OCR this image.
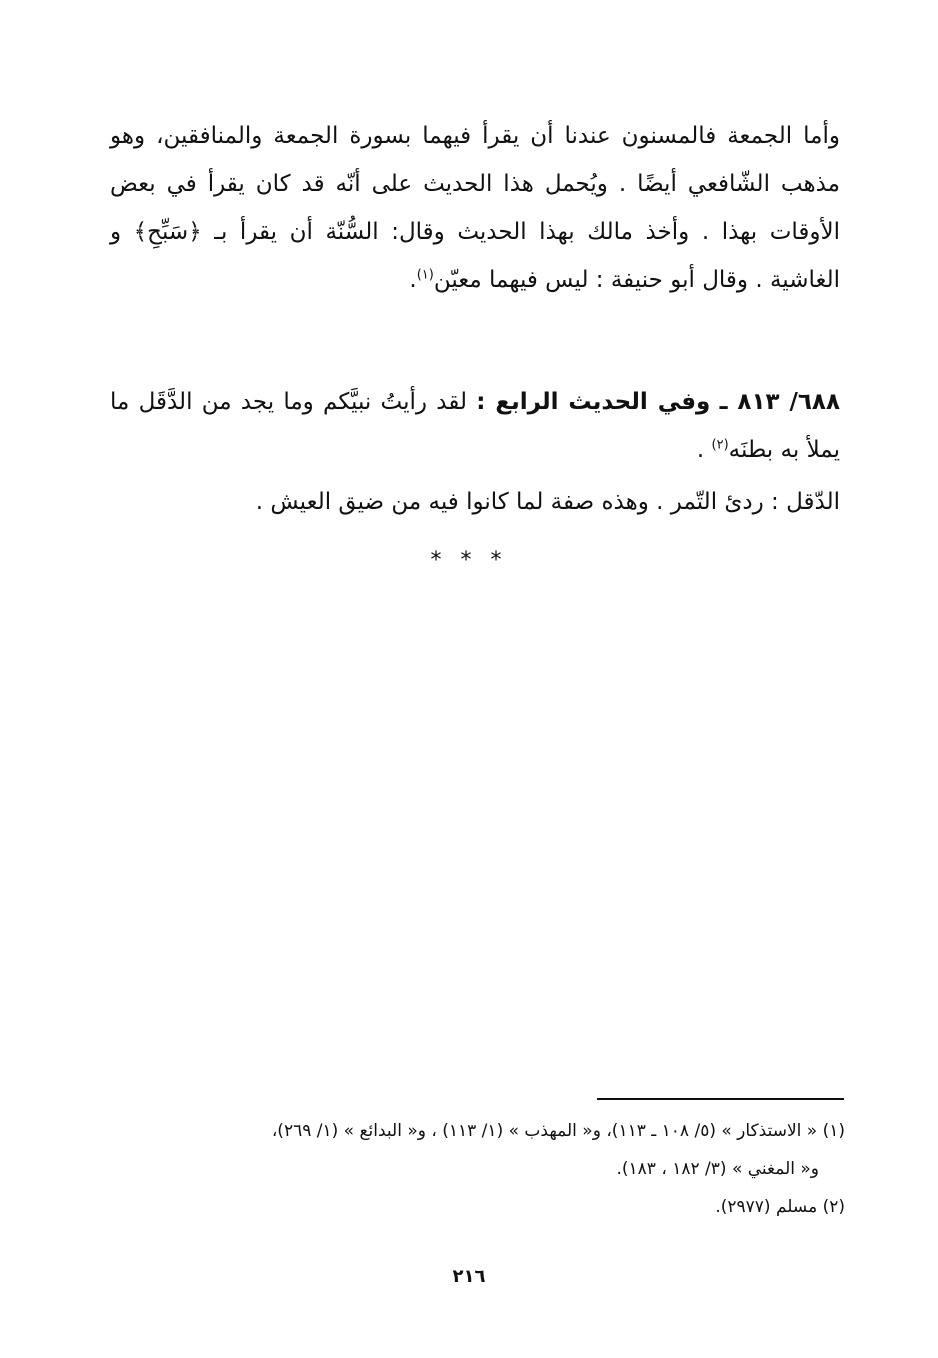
وأما الجمعة فالمسنون عندنا أن يقرأ فيهما بسورة الجمعة والمنافقين، وهو مذهب الشّافعي أيضًا . ويُحمل هذا الحديث على أنّه قد كان يقرأ في بعض الأوقات بهذا . وأخذ مالك بهذا الحديث وقال: السُّنّة أن يقرأ بـ ﴿سَبِّحِ﴾ و الغاشية . وقال أبو حنيفة : ليس فيهما معيّن$^{(١)}$.
٦٨٨/ ٨١٣ ـ وفي الحديث الرابع : لقد رأيتُ نبيَّكم وما يجد من الدَّقَل ما يملأ به بطنَه$^{(٢)}$ .
الدّقل : ردئ التّمر . وهذه صفة لما كانوا فيه من ضيق العيش .
* * *
(١) « الاستذكار » (٥/ ١٠٨ ـ ١١٣)، و« المهذب » (١/ ١١٣) ، و« البدائع » (١/ ٢٦٩)،
و« المغني » (٣/ ١٨٢ ، ١٨٣).
(٢) مسلم (٢٩٧٧).
٢١٦
